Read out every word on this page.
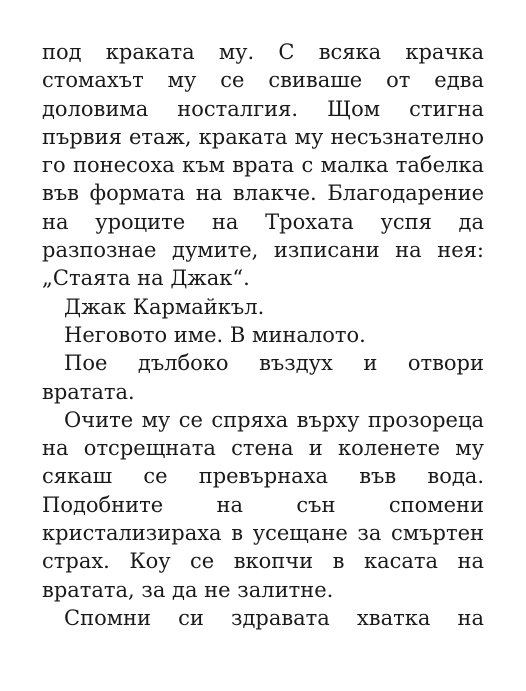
под краката му. С всяка крачка стомахът му се свиваше от едва доловима носталгия. Щом стигна първия етаж, краката му несъзнателно го понесоха към врата с малка табелка във формата на влакче. Благодарение на уроците на Трохата успя да разпознае думите, изписани на нея: „Стаята на Джак“.

Джак Кармайкъл.

Неговото име. В миналото.

Пое дълбоко въздух и отвори вратата.

Очите му се спряха върху прозореца на отсрещната стена и коленете му сякаш се превърнаха във вода. Подобните на сън спомени кристализираха в усещане за смъртен страх. Коу се вкопчи в касата на вратата, за да не залитне.

Спомни си здравата хватка на
